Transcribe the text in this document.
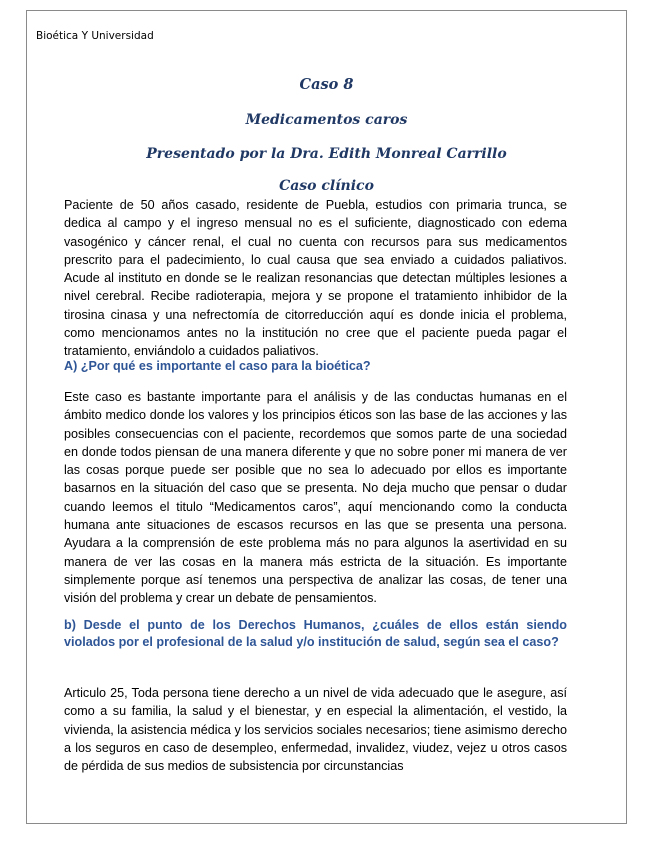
Bioética Y Universidad
Caso 8
Medicamentos caros
Presentado por la Dra. Edith Monreal Carrillo
Caso clínico

Paciente de 50 años casado, residente de Puebla, estudios con primaria trunca, se dedica al campo y el ingreso mensual no es el suficiente, diagnosticado con edema vasogénico y cáncer renal, el cual no cuenta con recursos para sus medicamentos prescrito para el padecimiento, lo cual causa que sea enviado a cuidados paliativos. Acude al instituto en donde se le realizan resonancias que detectan múltiples lesiones a nivel cerebral. Recibe radioterapia, mejora y se propone el tratamiento inhibidor de la tirosina cinasa y una nefrectomía de citorreducción aquí es donde inicia el problema, como mencionamos antes no la institución no cree que el paciente pueda pagar el tratamiento, enviándolo a cuidados paliativos.

A) ¿Por qué es importante el caso para la bioética?

Este caso es bastante importante para el análisis y de las conductas humanas en el ámbito medico donde los valores y los principios éticos son las base de las acciones y las posibles consecuencias con el paciente, recordemos que somos parte de una sociedad en donde todos piensan de una manera diferente y que no sobre poner mi manera de ver las cosas porque puede ser posible que no sea lo adecuado por ellos es importante basarnos en la situación del caso que se presenta. No deja mucho que pensar o dudar cuando leemos el titulo “Medicamentos caros”, aquí mencionando como la conducta humana ante situaciones de escasos recursos en las que se presenta una persona. Ayudara a la comprensión de este problema más no para algunos la asertividad en su manera de ver las cosas en la manera más estricta de la situación. Es importante simplemente porque así tenemos una perspectiva de analizar las cosas, de tener una visión del problema y crear un debate de pensamientos.

b) Desde el punto de los Derechos Humanos, ¿cuáles de ellos están siendo violados por el profesional de la salud y/o institución de salud, según sea el caso?

Articulo 25, Toda persona tiene derecho a un nivel de vida adecuado que le asegure, así como a su familia, la salud y el bienestar, y en especial la alimentación, el vestido, la vivienda, la asistencia médica y los servicios sociales necesarios; tiene asimismo derecho a los seguros en caso de desempleo, enfermedad, invalidez, viudez, vejez u otros casos de pérdida de sus medios de subsistencia por circunstancias
